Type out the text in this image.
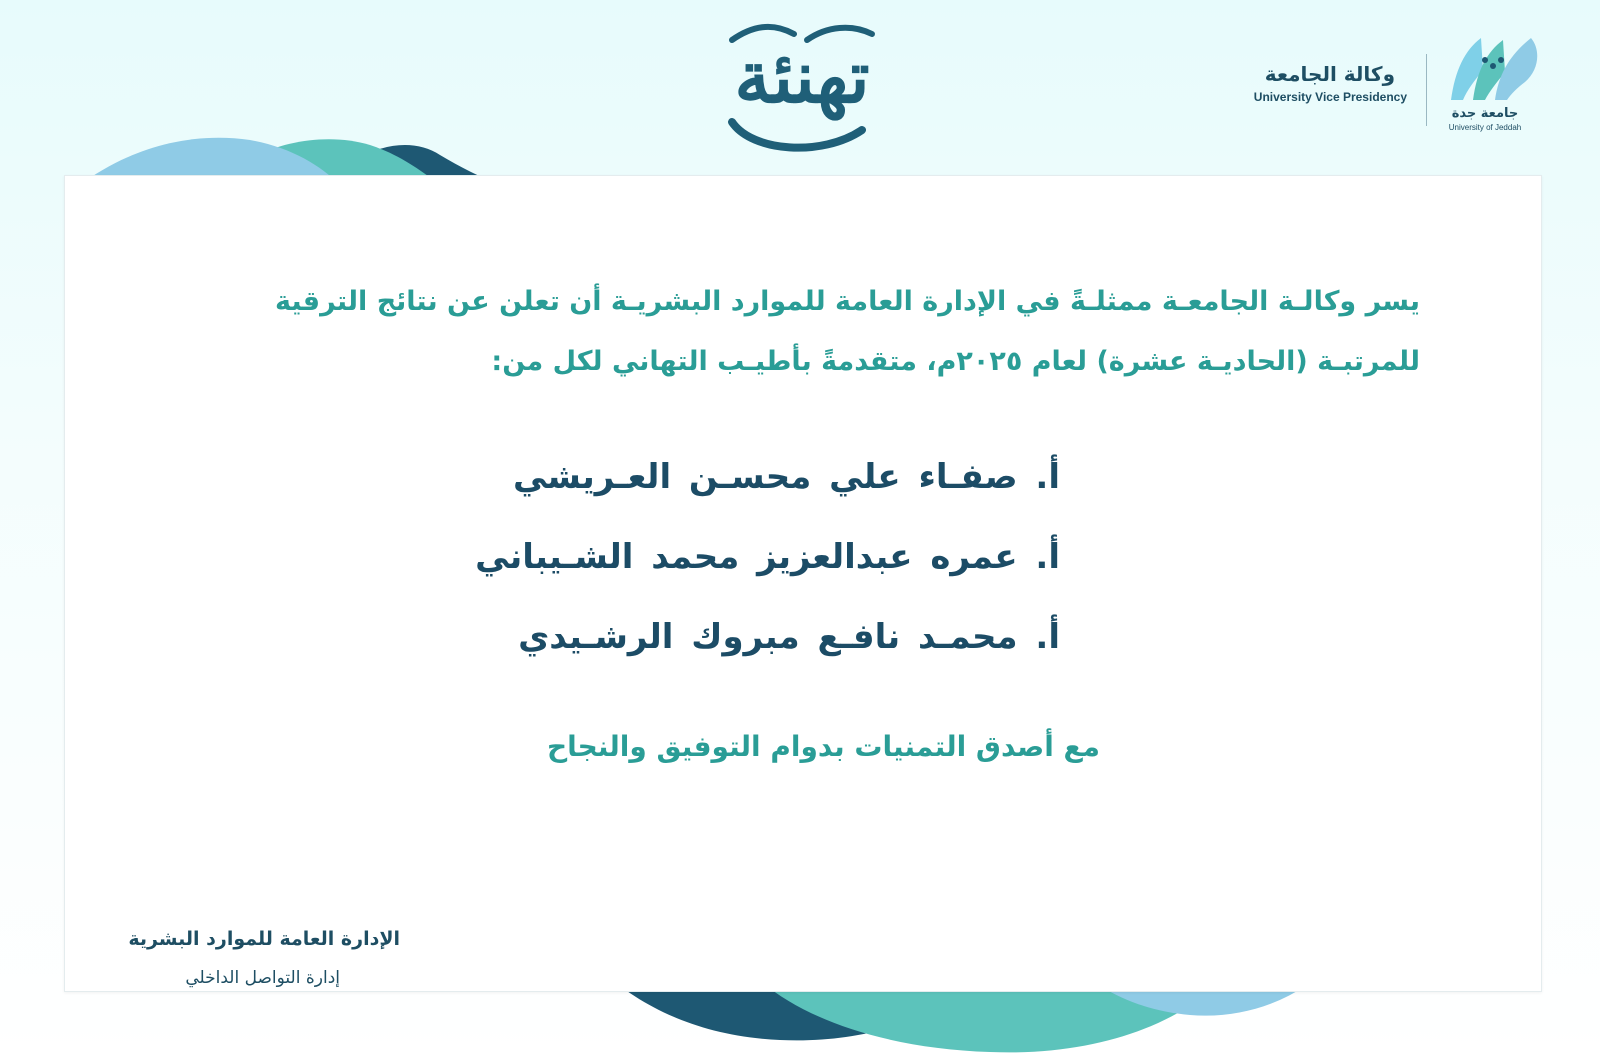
تهنئة	وكالة الجامعة
University Vice Presidency
جامعة جدة
University of Jeddah

يسر وكالـة الجامعـة ممثلـةً في الإدارة العامة للموارد البشريـة أن تعلن عن نتائج الترقية

للمرتبـة (الحاديـة عشرة) لعام ٢٠٢٥م، متقدمةً بأطيـب التهاني لكل من:

أ. صفـاء علي محسـن العـريشي
أ. عمره عبدالعزيز محمد الشـيباني
أ. محمـد نافـع مبروك الرشـيدي
مع أصدق التمنيات بدوام التوفيق والنجاح
الإدارة العامة للموارد البشرية
إدارة التواصل الداخلي
